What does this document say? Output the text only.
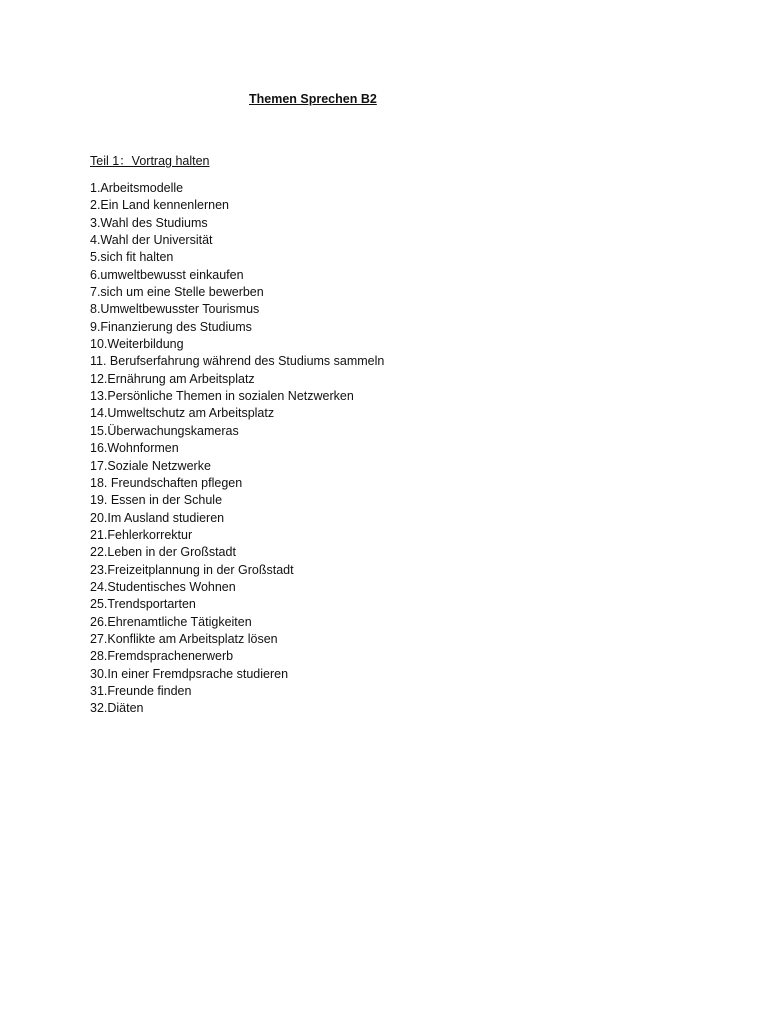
Themen Sprechen B2
Teil 1：Vortrag halten
1.Arbeitsmodelle
2.Ein Land kennenlernen
3.Wahl des Studiums
4.Wahl der Universität
5.sich fit halten
6.umweltbewusst einkaufen
7.sich um eine Stelle bewerben
8.Umweltbewusster Tourismus
9.Finanzierung des Studiums
10.Weiterbildung
11. Berufserfahrung während des Studiums sammeln
12.Ernährung am Arbeitsplatz
13.Persönliche Themen in sozialen Netzwerken
14.Umweltschutz am Arbeitsplatz
15.Überwachungskameras
16.Wohnformen
17.Soziale Netzwerke
18. Freundschaften pflegen
19. Essen in der Schule
20.Im Ausland studieren
21.Fehlerkorrektur
22.Leben in der Großstadt
23.Freizeitplannung in der Großstadt
24.Studentisches Wohnen
25.Trendsportarten
26.Ehrenamtliche Tätigkeiten
27.Konflikte am Arbeitsplatz lösen
28.Fremdsprachenerwerb
30.In einer Fremdpsrache studieren
31.Freunde finden
32.Diäten
